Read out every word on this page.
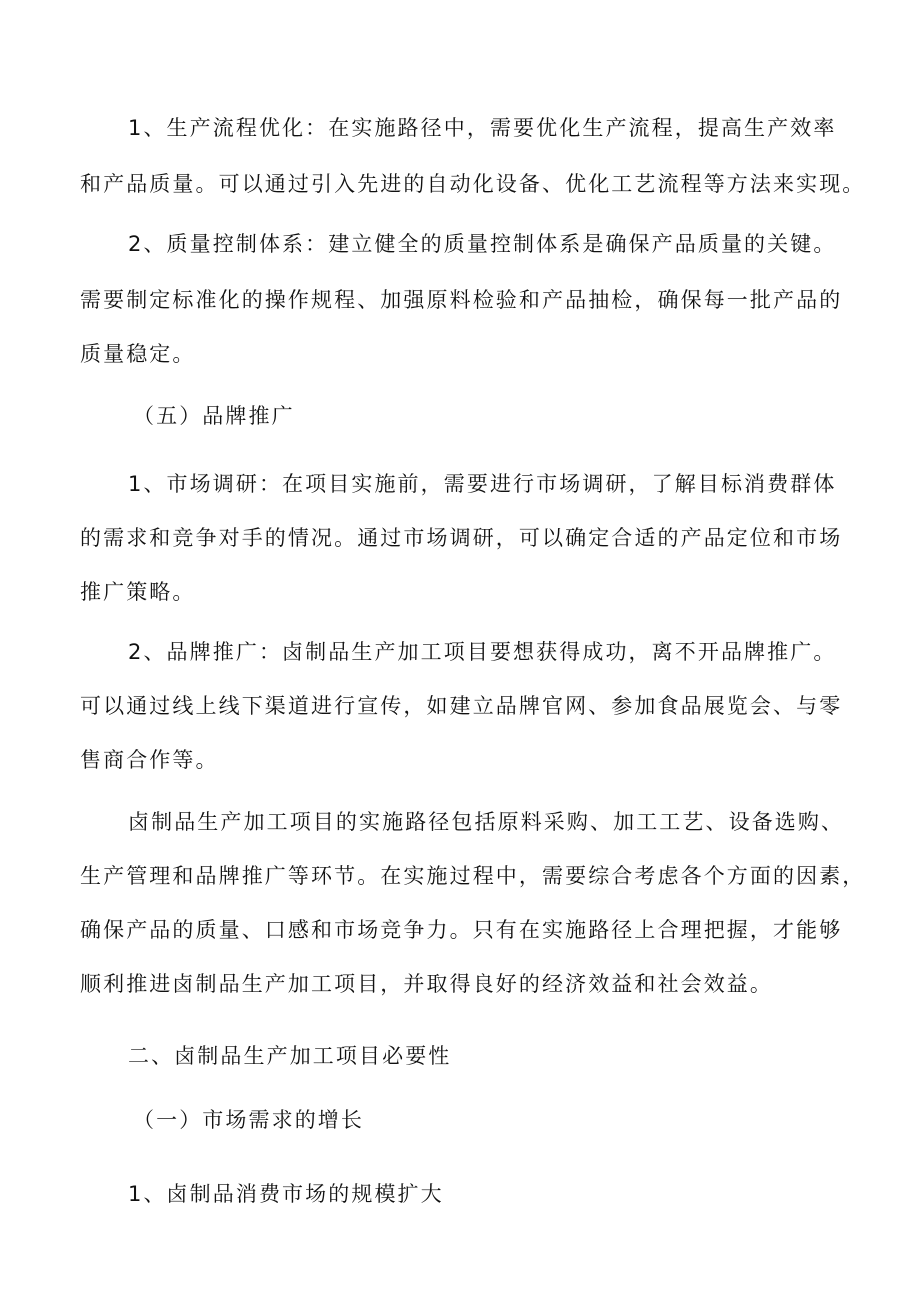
1、生产流程优化：在实施路径中，需要优化生产流程，提高生产效率
和产品质量。可以通过引入先进的自动化设备、优化工艺流程等方法来实现。
2、质量控制体系：建立健全的质量控制体系是确保产品质量的关键。
需要制定标准化的操作规程、加强原料检验和产品抽检，确保每一批产品的
质量稳定。
（五）品牌推广
1、市场调研：在项目实施前，需要进行市场调研，了解目标消费群体
的需求和竞争对手的情况。通过市场调研，可以确定合适的产品定位和市场
推广策略。
2、品牌推广：卤制品生产加工项目要想获得成功，离不开品牌推广。
可以通过线上线下渠道进行宣传，如建立品牌官网、参加食品展览会、与零
售商合作等。
卤制品生产加工项目的实施路径包括原料采购、加工工艺、设备选购、
生产管理和品牌推广等环节。在实施过程中，需要综合考虑各个方面的因素，
确保产品的质量、口感和市场竞争力。只有在实施路径上合理把握，才能够
顺利推进卤制品生产加工项目，并取得良好的经济效益和社会效益。
二、卤制品生产加工项目必要性
（一）市场需求的增长
1、卤制品消费市场的规模扩大
